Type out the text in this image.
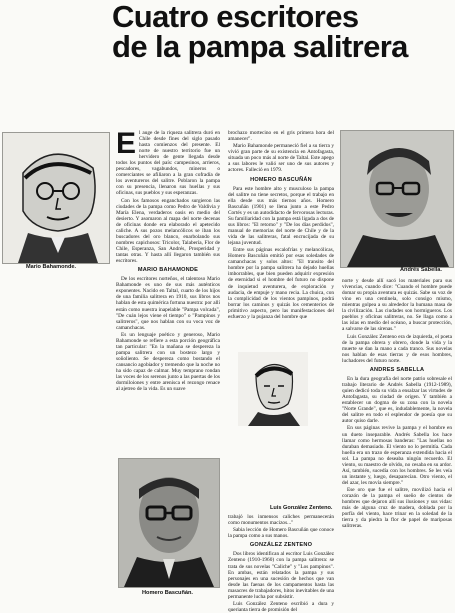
Cuatro escritores
de la pampa salitrera
Mario Bahamonde.
E l auge de la riqueza salitrera duró en Chile desde fines del siglo pasado hasta comienzos del presente. El norte de nuestro territorio fue un hervidero de gente llegada desde todos los puntos del país: campesinos, arrieros, pescadores, vagabundos, mineros o comerciantes se afiliaron a la gran cofradía de los aventureros del salitre. Poblaron la pampa con su presencia, llenaron sus huellas y sus oficinas, sus pueblos y sus esperanzas.

Con los famosos enganchados surgieron las ciudades de la pampa como Pedro de Valdivia y María Elena, verdaderos oasis en medio del desierto. Y asomaron al mapa del norte decenas de oficinas donde era elaborado el apetecido caliche. A sus pozos melancólicos se iban los buscadores del oro blanco, enarbolando sus nombres capichosos: Tricolor, Talabería, Flor de Chile, Esperanza, San Andrés, Prosperidad y tantas otras. Y hasta allí llegaron también sus escritores.

MARIO BAHAMONDE

De los escritores norteños, el talentoso Mario Bahamonde es uno de sus más auténticos exponentes. Nacido en Taltal, cuarto de los hijos de una familia salitrera en 1910, sus libros nos hablan de esta quimérica fortuna nuestra: por allí están como nuestra inapelable "Pampa volcada", "De cuán lejos viene el tiempo" o "Pampinos y salitreros", que nos hablan con su voca voz de camanchacas.

Es un lenguaje poético y generoso, Mario Bahamonde se refiere a esta porción geográfica tan particular: "En la mañana se despereza la pampa salitrera con un bostezo largo y soñoliento. Se despereza como bostando el cansancio agobiador y tremendo que la noche no ha sido capaz de calmar. Muy temprano rondan las voces de los serenos junto a las puertas de los dormiloiones y entre arenisca el rezongo renace al ajetreo de la vida. Es un suave

brochazo mortecino en el gris primera hora del amanecer".

Mario Bahamonde permaneció fiel a su tierra y vivió gran parte de su existencia en Antofagasta, situada un poco más al norte de Taltal. Este apego a sus labores le valió ser uno de sus autores y actores. Falleció en 1979.

HOMERO BASCUÑÁN

Para este hombre alto y musculoso la pampa del salitre no tiene secretos, porque el trabajo en ella desde sus más tiernos años. Homero Bascuñán (1901) se llena junto a este Pedro Cortés y es un autodidacto de fervorosas lecturas. Su familiaridad con la pampa está ligada a dos de sus libros: "El retorno" y "De los días perdidos", manual de memorias del norte de Chile y de la vida de las salitreras, fatal encrucijada de su lejana juventud.

Entre sus páginas escalofrías y melancólicas, Homero Bascuñán emitió por esas soledades de camanchacas y solos altos: "El transito del hombre por la pampa salitrera ha dejado huellas imborrables, que bien pueden adquirir expresión de eternidad si el hombre del futuro no dispone de inquietud aventurera, de exploración y audacia, de empuje y mano recia. La chuica, con la complicidad de los vientos pampinos, podrá borrar los caminos y quizás los cementerios de primitivo aspecto, pero las manifestaciones del esfuerzo y la pujanza del hombre que

Luis González Zenteno.

trabajó los inmensos caliches permanecerán como monumentos macizos..."

Sabia lección de Homero Bascuñán que conoce la pampa como a sus manos.

GONZÁLEZ ZENTENO

Dos libros identifican al escritor Luis González Zenteno (1910-1960) con la pampa salitrera: se trata de sus novelas "Caliche" y "Los pampinos". En ambas, están relatados la pampa y sus personajes en una sucesión de hechos que van desde las faenas de los campamentos hasta las masacres de trabajadores, hitos inevitables de una permanente lucha por subsistir.

Luis González Zenteno escribió a dura y querianta tierra de promisión del

Homero Bascuñán.
Andrés Sabella.

norte y desde allí sacó los materiales para sus vivencias, cuando dice: "Cuando el hombre puede domar su propia aventura es quizás. Sabe su voz de vino en una centinela, solo consigo mismo, mientras golpea a su alrededor la humana masa de la civilización. Las ciudades son hormigueros. Los pueblos y oficinas salitreras, no. Se llaga como a las islas en medio del océano, a buscar protección, a salvarse de las sirenas."

Luis González Zenteno era de izquierda, el poeta de la pampa obrera y obrero, donde la vida y la muerte se dan la mano a cada tranco. Sus novelas nos hablan de esas tierras y de esos hombres, luchadores del futuro norte.

ANDRES SABELLA

En la dura geografía del norte patrio sobresale el trabajo literario de Andrés Sabella (1912-1989), quien dedicó toda su vida a ensalzar las virtudes de Antofagasta, su ciudad de origen. Y también a establecer un dogma de su zona con la novela "Norte Grande", que es, indudablemente, la novela del salitre en todo el esplendor de poesía que su autor quiso darle.

En sus páginas revive la pampa y el hombre en un dueto inseparable. Andrés Sabella los hace llamar como hermosas banderas: "Las huellas no duraban demasiado. El viento no lo permitía. Cada huella era un trazo de esperanza extendida hacia el sol. La pampa no deseaba ningún recuerdo. El viento, su maestro de olvido, no cesaba en su ardor. Así, también, sucedía con los hombres. Se les veía un instante y, luego, desaparecían. Otro viento, el del azar, les movía siempre."

Ese oro que fue el salitre, movilizó hacia el corazón de la pampa el sueño de cientos de hombres que dejaron allí sus ilusiones y sus vidas: más de alguna cruz de madera, doblada por la porfía del viento, hace trinar en la soledad de la tierra y da piedra la flor de papel de mariposas salitreras.
